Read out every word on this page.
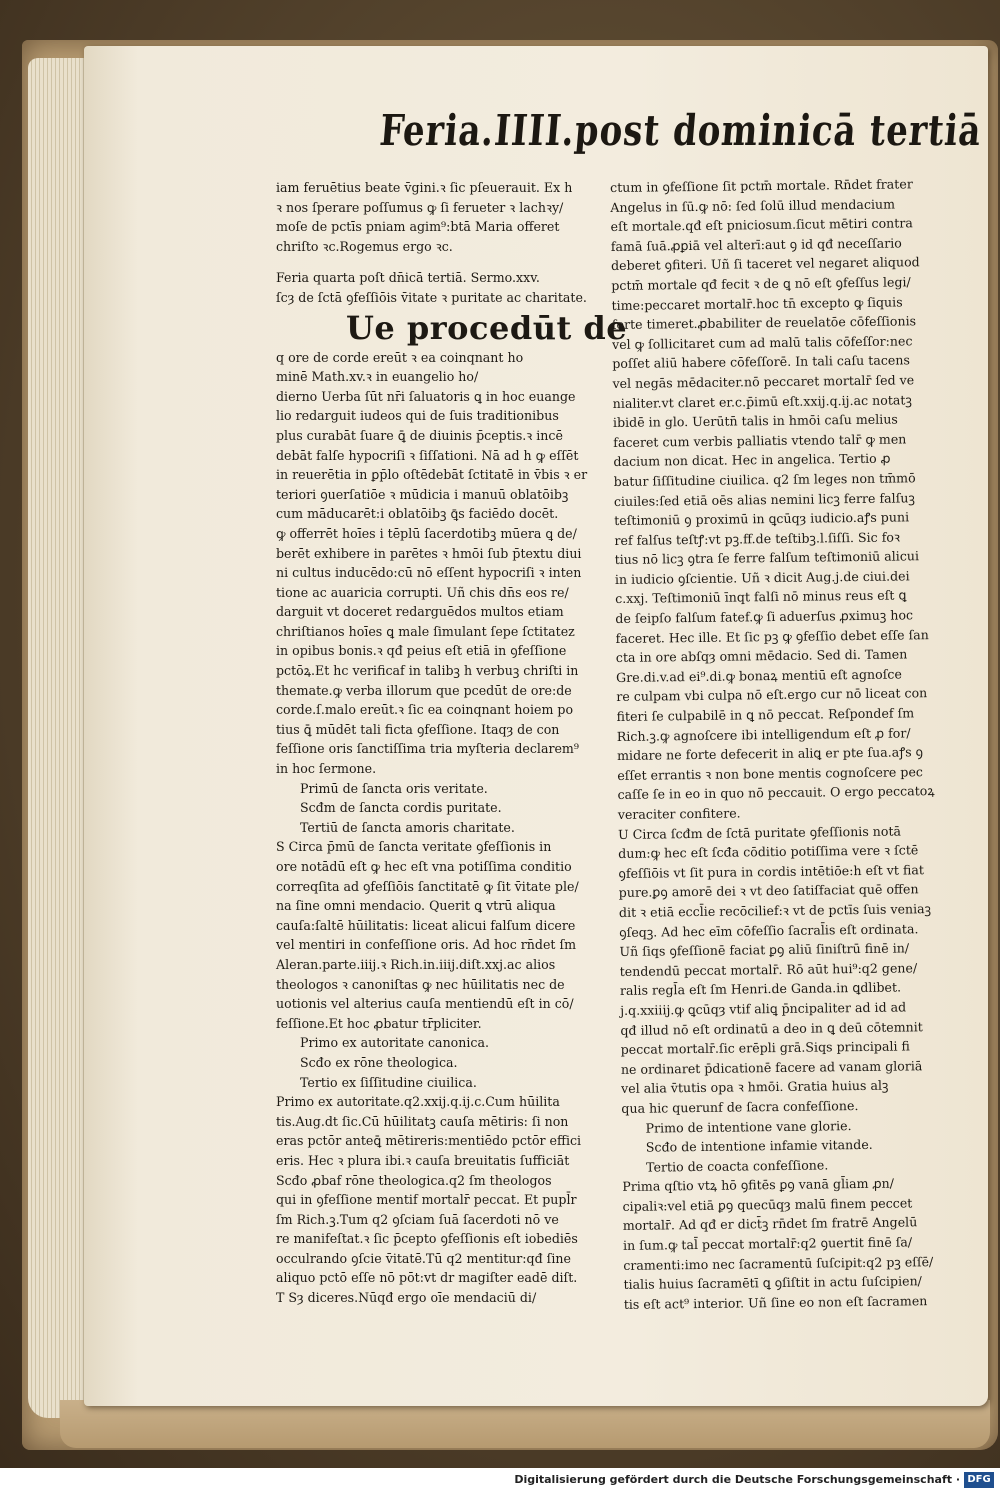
Feria.IIII.post dominicā tertiā

iam feruētius beate v̄gini.ꝛ ſic pſeuerauit. Ex h
ꝛ nos ſperare poſſumus ꝙ ſi ferueter ꝛ lachꝛy/
moſe de pctīs pniam agim⁹:btā Maria offeret
chriſto ꝛc.Rogemus ergo ꝛc.

Feria quarta poſt dn̄icā tertiā. Sermo.xxv.

ſcȝ de ſctā ꝯfeſſiōis v̄itate ꝛ puritate ac charitate.

Ue procedūt de

q ore de corde ereūt ꝛ ea coinqnant ho
minē Math.xv.ꝛ in euangelio ho/
dierno Uerba ſūt nr̄i ſaluatoris ꝗ in hoc euange
lio redarguit iudeos qui de ſuis traditionibus
plus curabāt ſuare ꝗ̄ de diuinis p̄ceptis.ꝛ incē
debāt falſe hypocriſi ꝛ ſiſſationi. Nā ad h ꝙ eſſēt
in reuerētia in ꝑp̄lo oſtēdebāt ſctitatē in v̄bis ꝛ er
teriori ꝯuerſatiōe ꝛ mūdicia i manuū oblatōibꝫ
cum māducarēt:i oblatōibꝫ ꝗ̄s faciēdo docēt.
ꝙ offerrēt hoīes i tēplū ſacerdotibꝫ mūera ꝗ de/
berēt exhibere in parētes ꝛ hmōi ſub p̄textu diui
ni cultus inducēdo:cū nō eſſent hypocriſi ꝛ inten
tione ac auaricia corrupti. Uñ chis dn̄s eos re/
darguit vt doceret redarguēdos multos etiam
chriſtianos hoīes ꝗ male ſimulant ſepe ſctitatez
in opibus bonis.ꝛ qđ peius eſt etiā in ꝯfeſſione
pctōꝝ.Et hc verificaf in talibꝫ h verbuꝫ chriſti in
themate.ꝙ verba illorum que pcedūt de ore:de
corde.ſ.malo ereūt.ꝛ ſic ea coinqnant hoiem po
tius ꝗ̄ mūdēt tali ficta ꝯfeſſione. Itaqȝ de con
feſſione oris ſanctiſſima tria myſteria declarem⁹
in hoc ſermone.

Primū de ſancta oris veritate.

Scđm de ſancta cordis puritate.

Tertiū de ſancta amoris charitate.

S Circa p̄mū de ſancta veritate ꝯfeſſionis in
ore notādū eſt ꝙ hec eſt vna potiſſima conditio
correqſita ad ꝯfeſſiōis ſanctitatē ꝙ ſit v̄itate ple/
na ſine omni mendacio. Querit ꝗ vtrū aliqua
cauſa:ſaltē hūilitatis: liceat alicui falſum dicere
vel mentiri in confeſſione oris. Ad hoc rn̄det ſm
Aleran.parte.iiij.ꝛ Rich.in.iiij.diſt.xxj.ac alios
theologos ꝛ canoniſtas ꝙ nec hūilitatis nec de
uotionis vel alterius cauſa mentiendū eſt in cō/
feſſione.Et hoc ꝓbatur tr̄pliciter.

Primo ex autoritate canonica.

Scđo ex rōne theologica.

Tertio ex ſiſſitudine ciuilica.

Primo ex autoritate.q2.xxij.q.ij.c.Cum hūilita
tis.Aug.dt ſic.Cū hūilitatꝫ cauſa mētiris: ſi non
eras pctōr anteꝗ̄ mētireris:mentiēdo pctōr effici
eris. Hec ꝛ plura ibi.ꝛ cauſa breuitatis ſufficiāt
Scđo ꝓbaf rōne theologica.q2 ſm theologos
qui in ꝯfeſſione mentif mortalr̄ peccat. Et pupl̄r
ſm Rich.ꝫ.Tum q2 ꝯſciam ſuā ſacerdoti nō ve
re manifeſtat.ꝛ ſic p̄cepto ꝯfeſſionis eſt iobediēs
occulrando ꝯſcie v̄itatē.Tū q2 mentitur:qđ ſine
aliquo pctō eſſe nō pōt:vt dr magiſter eadē diſt.
T Sȝ diceres.Nūqđ ergo oīe mendaciū di/

ctum in ꝯfeſſione ſit pctm̄ mortale. Rn̄det frater
Angelus in ſū.ꝙ nō: ſed ſolū illud mendacium
eſt mortale.qđ eſt pniciosum.ſicut mētiri contra
famā ſuā.ꝓꝑiā vel alterī:aut ꝯ id qđ neceſſario
deberet ꝯfiteri. Uñ ſi taceret vel negaret aliquod
pctm̄ mortale qđ fecit ꝛ de ꝗ nō eſt ꝯfeſſus legi/
time:peccaret mortalr̄.hoc tn̄ excepto ꝙ ſiquis
forte timeret.ꝓbabiliter de reuelatōe cōfeſſionis
vel ꝙ ſollicitaret cum ad malū talis cōfeſſor:nec
poſſet aliū habere cōfeſſorē. In tali caſu tacens
vel negās mēdaciter.nō peccaret mortalr̄ ſed ve
nialiter.vt claret er.c.p̄imū eſt.xxij.q.ij.ac notatꝫ
ibidē in glo. Uerūtn̄ talis in hmōi caſu melius
faceret cum verbis palliatis vtendo talr̄ ꝙ men
dacium non dicat. Hec in angelica. Tertio ꝓ
batur ſiſſitudine ciuilica. q2 ſm leges non tm̄mō
ciuiles:ſed etiā oēs alias nemini licꝫ ferre falſuꝫ
teſtimoniū ꝯ proximū in ꝗcūqȝ iudicio.aꝭs puni
ref falſus teſtꝭ:vt pꝫ.ff.de teſtibꝫ.l.ſiſſi. Sic foꝛ
tius nō licꝫ ꝯtra ſe ferre falſum teſtimoniū alicui
in iudicio ꝯſcientie. Uñ ꝛ dicit Aug.j.de ciui.dei
c.xxj. Teſtimoniū īnqt falſi nō minus reus eſt ꝗ
de ſeipſo falſum fatef.ꝙ ſi aduerſus ꝓximuꝫ hoc
faceret. Hec ille. Et ſic pꝫ ꝙ ꝯfeſſio debet eſſe ſan
cta in ore abſqȝ omni mēdacio. Sed di. Tamen
Gre.di.v.ad ei⁹.di.ꝙ bonaꝝ mentiū eſt agnoſce
re culpam vbi culpa nō eſt.ergo cur nō liceat con
fiteri ſe culpabilē in ꝗ nō peccat. Reſpondef ſm
Rich.ꝫ.ꝙ agnoſcere ibi intelligendum eſt ꝓ for/
midare ne forte defecerit in aliꝗ er pte ſua.aꝭs ꝯ
eſſet errantis ꝛ non bone mentis cognoſcere pec
caſſe ſe in eo in quo nō peccauit. O ergo peccatoꝝ
veraciter confitere.

U Circa ſcđm de ſctā puritate ꝯfeſſionis notā
dum:ꝙ hec eſt ſcđa cōditio potiſſima vere ꝛ ſctē
ꝯfeſſiōis vt ſit pura in cordis intētiōe:h eſt vt fiat
pure.ꝑꝯ amorē dei ꝛ vt deo ſatiſfaciat quē offen
dit ꝛ etiā eccl̄ie recōcilief:ꝛ vt de pctīs ſuis veniaꝫ
ꝯſeqꝫ. Ad hec eīm cōfeſſio ſacral̄is eſt ordinata.
Uñ ſiqs ꝯfeſſionē faciat ꝑꝯ aliū ſiniſtrū finē in/
tendendū peccat mortalr̄. Rō aūt hui⁹:q2 gene/
ralis regl̄a eſt ſm Henri.de Ganda.in ꝗdlibet.
j.q.xxiiij.ꝙ ꝗcūqȝ vtif aliꝗ p̄ncipaliter ad id ad
qđ illud nō eſt ordinatū a deo in ꝗ deū cōtemnit
peccat mortalr̄.ſic erēpli grā.Siqs principali fi
ne ordinaret p̄dicationē facere ad vanam gloriā
vel alia v̄tutis opa ꝛ hmōi. Gratia huius alꝫ
qua hic querunf de ſacra confeſſione.

Primo de intentione vane glorie.

Scđo de intentione infamie vitande.

Tertio de coacta confeſſione.

Prima qſtio vtꝝ hō ꝯfitēs ꝑꝯ vanā gl̄iam ꝓn/
cipaliꝛ:vel etiā ꝑꝯ quecūqȝ malū finem peccet
mortalr̄. Ad qđ er dict̄ꝫ rn̄det ſm fratrē Angelū
in ſum.ꝙ tal̄ peccat mortalr̄:q2 ꝯuertit finē ſa/
cramenti:imo nec ſacramentū ſuſcipit:q2 pꝫ eſſē/
tialis huius ſacramētī ꝗ ꝯſiſtit in actu ſuſcipien/
tis eſt act⁹ interior. Uñ ſine eo non eſt ſacramen

Digitalisierung gefördert durch die Deutsche Forschungsgemeinschaft · DFG
